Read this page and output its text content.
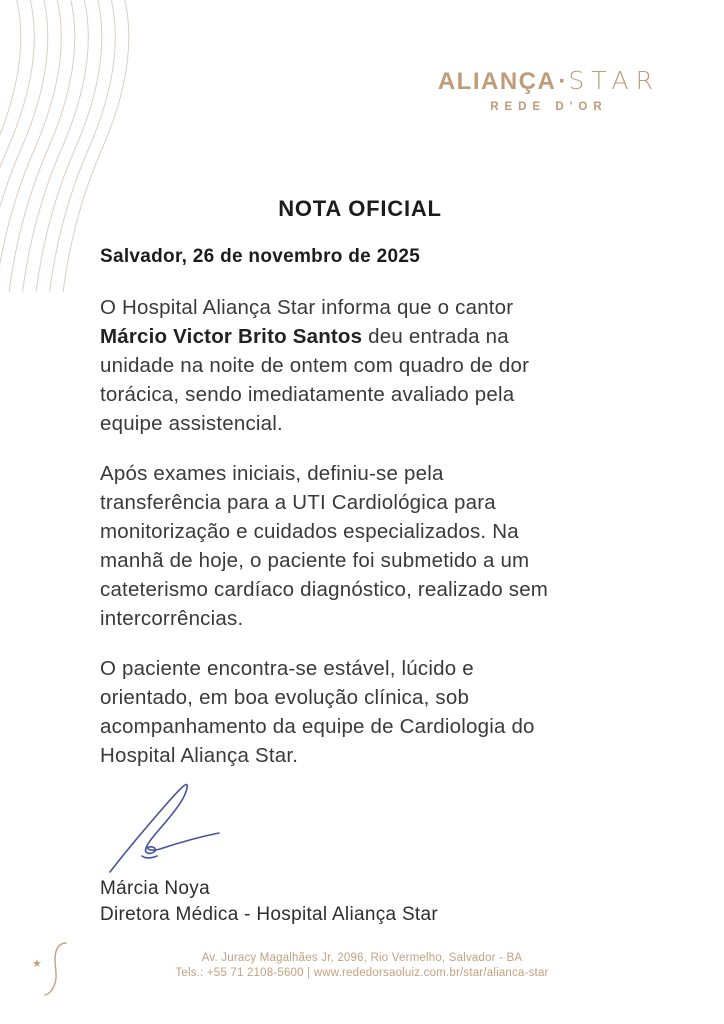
ALIANÇA·STAR
REDE D'OR
NOTA OFICIAL
Salvador, 26 de novembro de 2025

O Hospital Aliança Star informa que o cantor
Márcio Victor Brito Santos deu entrada na
unidade na noite de ontem com quadro de dor
torácica, sendo imediatamente avaliado pela
equipe assistencial.

Após exames iniciais, definiu-se pela
transferência para a UTI Cardiológica para
monitorização e cuidados especializados. Na
manhã de hoje, o paciente foi submetido a um
cateterismo cardíaco diagnóstico, realizado sem
intercorrências.

O paciente encontra-se estável, lúcido e
orientado, em boa evolução clínica, sob
acompanhamento da equipe de Cardiologia do
Hospital Aliança Star.

Márcia Noya
Diretora Médica - Hospital Aliança Star
★	Av. Juracy Magalhães Jr, 2096, Rio Vermelho, Salvador - BA
Tels.: +55 71 2108-5600 | www.rededorsaoluiz.com.br/star/alianca-star
